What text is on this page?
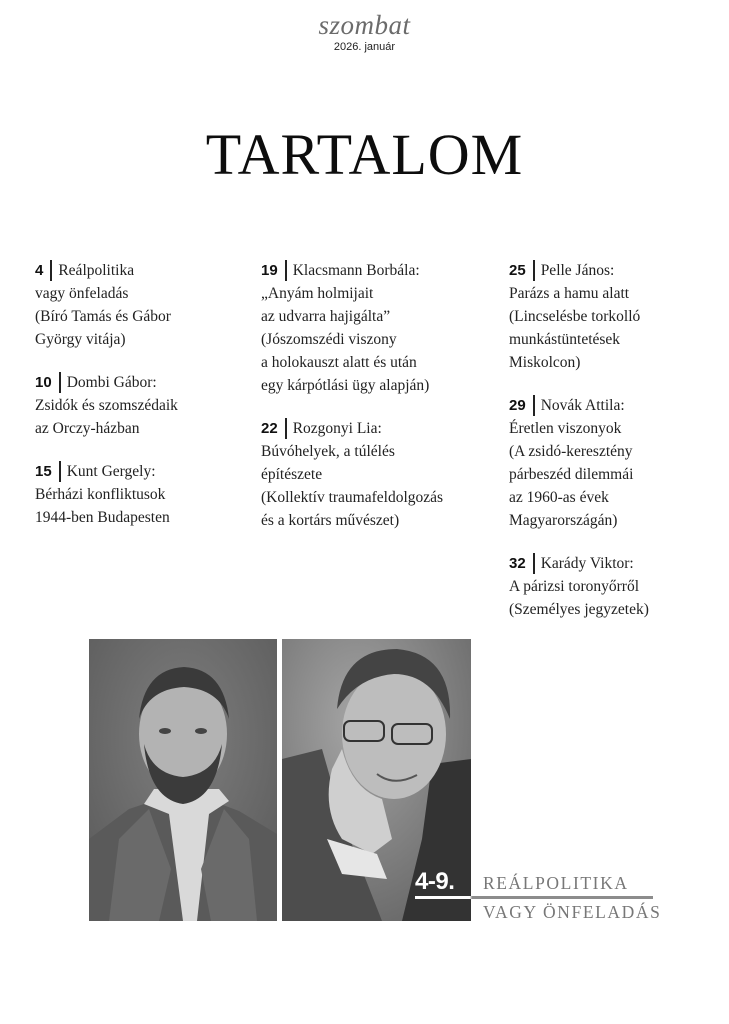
szombat
2026. január
TARTALOM
4 Reálpolitika
vagy önfeladás
(Bíró Tamás és Gábor
György vitája)
10 Dombi Gábor:
Zsidók és szomszédaik
az Orczy-házban
15 Kunt Gergely:
Bérházi konfliktusok
1944-ben Budapesten
19 Klacsmann Borbála:
„Anyám holmijait
az udvarra hajigálta”
(Jószomszédi viszony
a holokauszt alatt és után
egy kárpótlási ügy alapján)
22 Rozgonyi Lia:
Búvóhelyek, a túlélés
építészete
(Kollektív traumafeldolgozás
és a kortárs művészet)
25 Pelle János:
Parázs a hamu alatt
(Lincselésbe torkolló
munkástüntetések
Miskolcon)
29 Novák Attila:
Éretlen viszonyok
(A zsidó-keresztény
párbeszéd dilemmái
az 1960-as évek
Magyarországán)
32 Karády Viktor:
A párizsi toronyőrről
(Személyes jegyzetek)
4-9. REÁLPOLITIKA
VAGY ÖNFELADÁS
